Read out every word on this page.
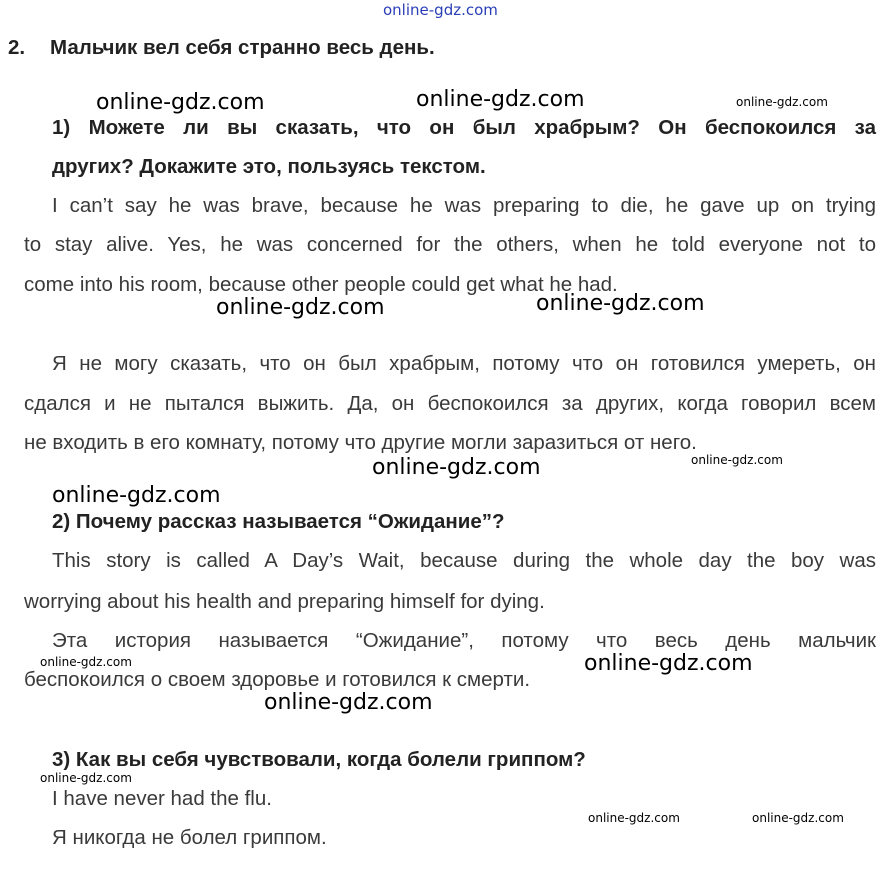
online-gdz.com
2. Мальчик вел себя странно весь день.
1) Можете ли вы сказать, что он был храбрым? Он беспокоился за
других? Докажите это, пользуясь текстом.
I can’t say he was brave, because he was preparing to die, he gave up on trying
to stay alive. Yes, he was concerned for the others, when he told everyone not to
come into his room, because other people could get what he had.
Я не могу сказать, что он был храбрым, потому что он готовился умереть, он
сдался и не пытался выжить. Да, он беспокоился за других, когда говорил всем
не входить в его комнату, потому что другие могли заразиться от него.
2) Почему рассказ называется “Ожидание”?
This story is called A Day’s Wait, because during the whole day the boy was
worrying about his health and preparing himself for dying.
Эта история называется “Ожидание”, потому что весь день мальчик
беспокоился о своем здоровье и готовился к смерти.
3) Как вы себя чувствовали, когда болели гриппом?
I have never had the flu.
Я никогда не болел гриппом.
online-gdz.com	online-gdz.com	online-gdz.com
online-gdz.com	online-gdz.com
online-gdz.com	online-gdz.com
online-gdz.com
online-gdz.com	online-gdz.com
online-gdz.com
online-gdz.com
online-gdz.com	online-gdz.com
